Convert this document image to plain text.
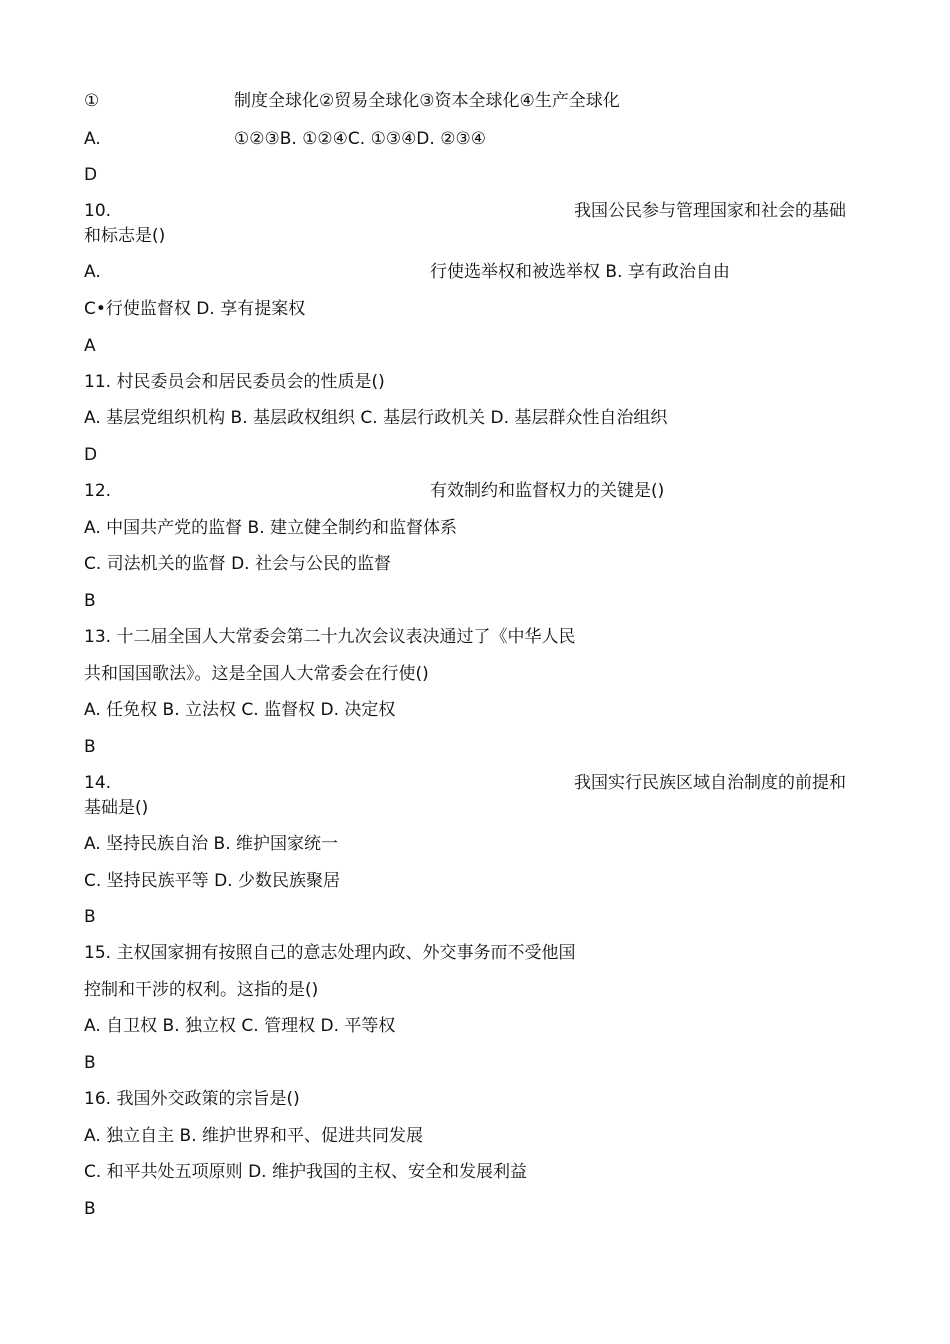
①	制度全球化②贸易全球化③资本全球化④生产全球化
A.	①②③B. ①②④C. ①③④D. ②③④
D
10.	我国公民参与管理国家和社会的基础
和标志是()
A.	行使选举权和被选举权 B. 享有政治自由
C•行使监督权 D. 享有提案权
A
11. 村民委员会和居民委员会的性质是()
A. 基层党组织机构 B. 基层政权组织 C. 基层行政机关 D. 基层群众性自治组织
D
12.	有效制约和监督权力的关键是()
A. 中国共产党的监督 B. 建立健全制约和监督体系
C. 司法机关的监督 D. 社会与公民的监督
B
13. 十二届全国人大常委会第二十九次会议表决通过了《中华人民
共和国国歌法》。这是全国人大常委会在行使()
A. 任免权 B. 立法权 C. 监督权 D. 决定权
B
14.	我国实行民族区域自治制度的前提和
基础是()
A. 坚持民族自治 B. 维护国家统一
C. 坚持民族平等 D. 少数民族聚居
B
15. 主权国家拥有按照自己的意志处理内政、外交事务而不受他国
控制和干涉的权利。这指的是()
A. 自卫权 B. 独立权 C. 管理权 D. 平等权
B
16. 我国外交政策的宗旨是()
A. 独立自主 B. 维护世界和平、促进共同发展
C. 和平共处五项原则 D. 维护我国的主权、安全和发展利益
B
